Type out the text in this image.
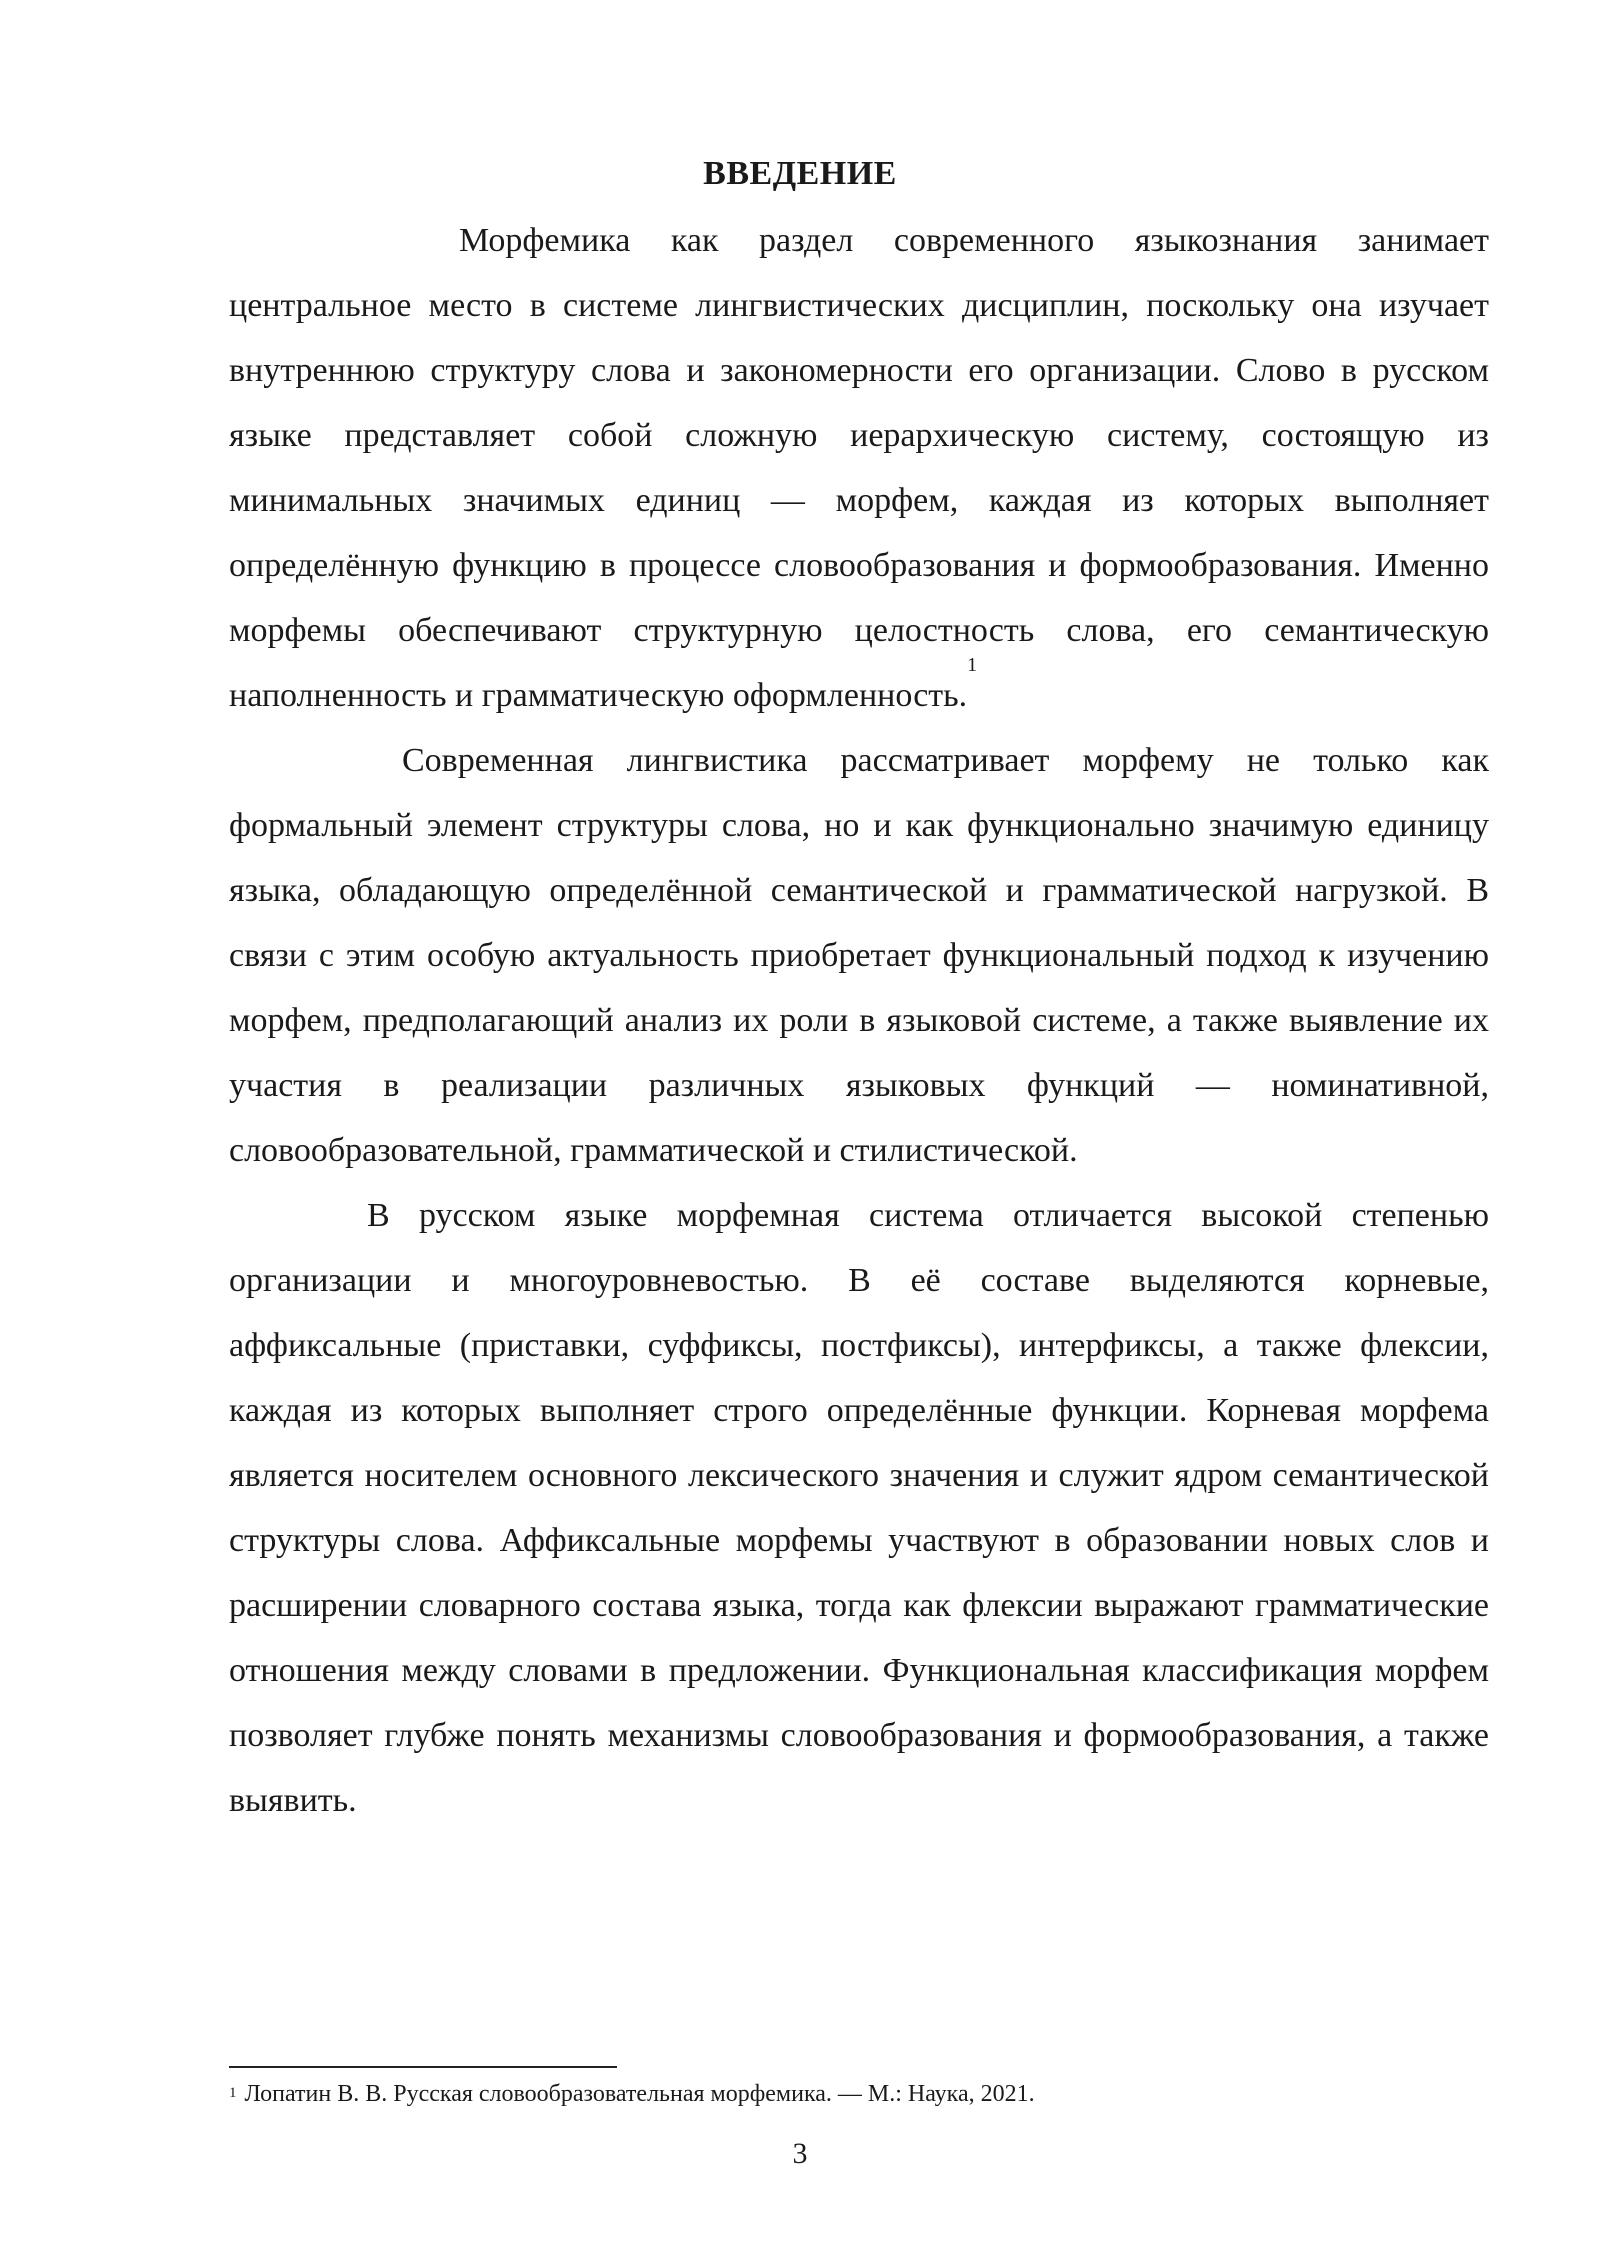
ВВЕДЕНИЕ

Морфемика как раздел современного языкознания занимает центральное место в системе лингвистических дисциплин, поскольку она изучает внутреннюю структуру слова и закономерности его организации. Слово в русском языке представляет собой сложную иерархическую систему, состоящую из минимальных значимых единиц — морфем, каждая из которых выполняет определённую функцию в процессе словообразования и формообразования. Именно морфемы обеспечивают структурную целостность слова, его семантическую наполненность и грамматическую оформленность.$^1$

Современная лингвистика рассматривает морфему не только как формальный элемент структуры слова, но и как функционально значимую единицу языка, обладающую определённой семантической и грамматической нагрузкой. В связи с этим особую актуальность приобретает функциональный подход к изучению морфем, предполагающий анализ их роли в языковой системе, а также выявление их участия в реализации различных языковых функций — номинативной, словообразовательной, грамматической и стилистической.

В русском языке морфемная система отличается высокой степенью организации и многоуровневостью. В её составе выделяются корневые, аффиксальные (приставки, суффиксы, постфиксы), интерфиксы, а также флексии, каждая из которых выполняет строго определённые функции. Корневая морфема является носителем основного лексического значения и служит ядром семантической структуры слова. Аффиксальные морфемы участвуют в образовании новых слов и расширении словарного состава языка, тогда как флексии выражают грамматические отношения между словами в предложении. Функциональная классификация морфем позволяет глубже понять механизмы словообразования и формообразования, а также выявить.

$^1$ Лопатин В. В. Русская словообразовательная морфемика. — М.: Наука, 2021.

3
